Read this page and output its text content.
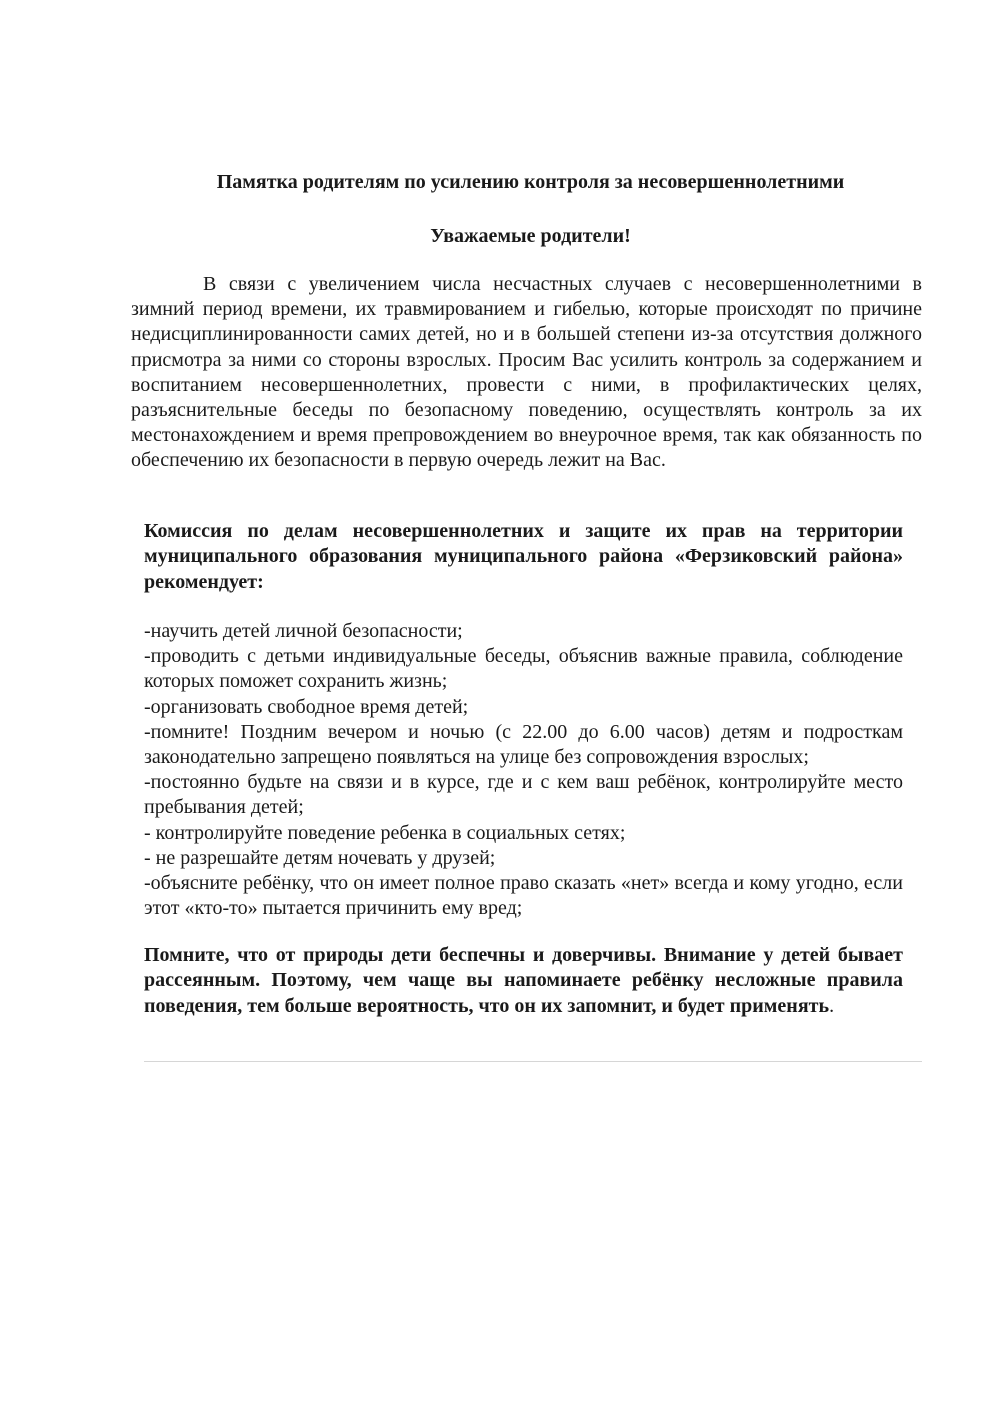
Памятка родителям по усилению контроля за несовершеннолетними
Уважаемые родители!

В связи с увеличением числа несчастных случаев с несовершеннолетними в зимний период времени, их травмированием и гибелью, которые происходят по причине недисциплинированности самих детей, но и в большей степени из-за отсутствия должного присмотра за ними со стороны взрослых. Просим Вас усилить контроль за содержанием и воспитанием несовершеннолетних, провести с ними, в профилактических целях, разъяснительные беседы по безопасному поведению, осуществлять контроль за их местонахождением и время препровождением во внеурочное время, так как обязанность по обеспечению их безопасности в первую очередь лежит на Вас.

Комиссия по делам несовершеннолетних и защите их прав на территории муниципального образования муниципального района «Ферзиковский района» рекомендует:

-научить детей личной безопасности;
-проводить с детьми индивидуальные беседы, объяснив важные правила, соблюдение которых поможет сохранить жизнь;
-организовать свободное время детей;
-помните! Поздним вечером и ночью (с 22.00 до 6.00 часов) детям и подросткам законодательно запрещено появляться на улице без сопровождения взрослых;
-постоянно будьте на связи и в курсе, где и с кем ваш ребёнок, контролируйте место пребывания детей;
- контролируйте поведение ребенка в социальных сетях;
- не разрешайте детям ночевать у друзей;
-объясните ребёнку, что он имеет полное право сказать «нет» всегда и кому угодно, если этот «кто-то» пытается причинить ему вред;

Помните, что от природы дети беспечны и доверчивы. Внимание у детей бывает рассеянным. Поэтому, чем чаще вы напоминаете ребёнку несложные правила поведения, тем больше вероятность, что он их запомнит, и будет применять.
